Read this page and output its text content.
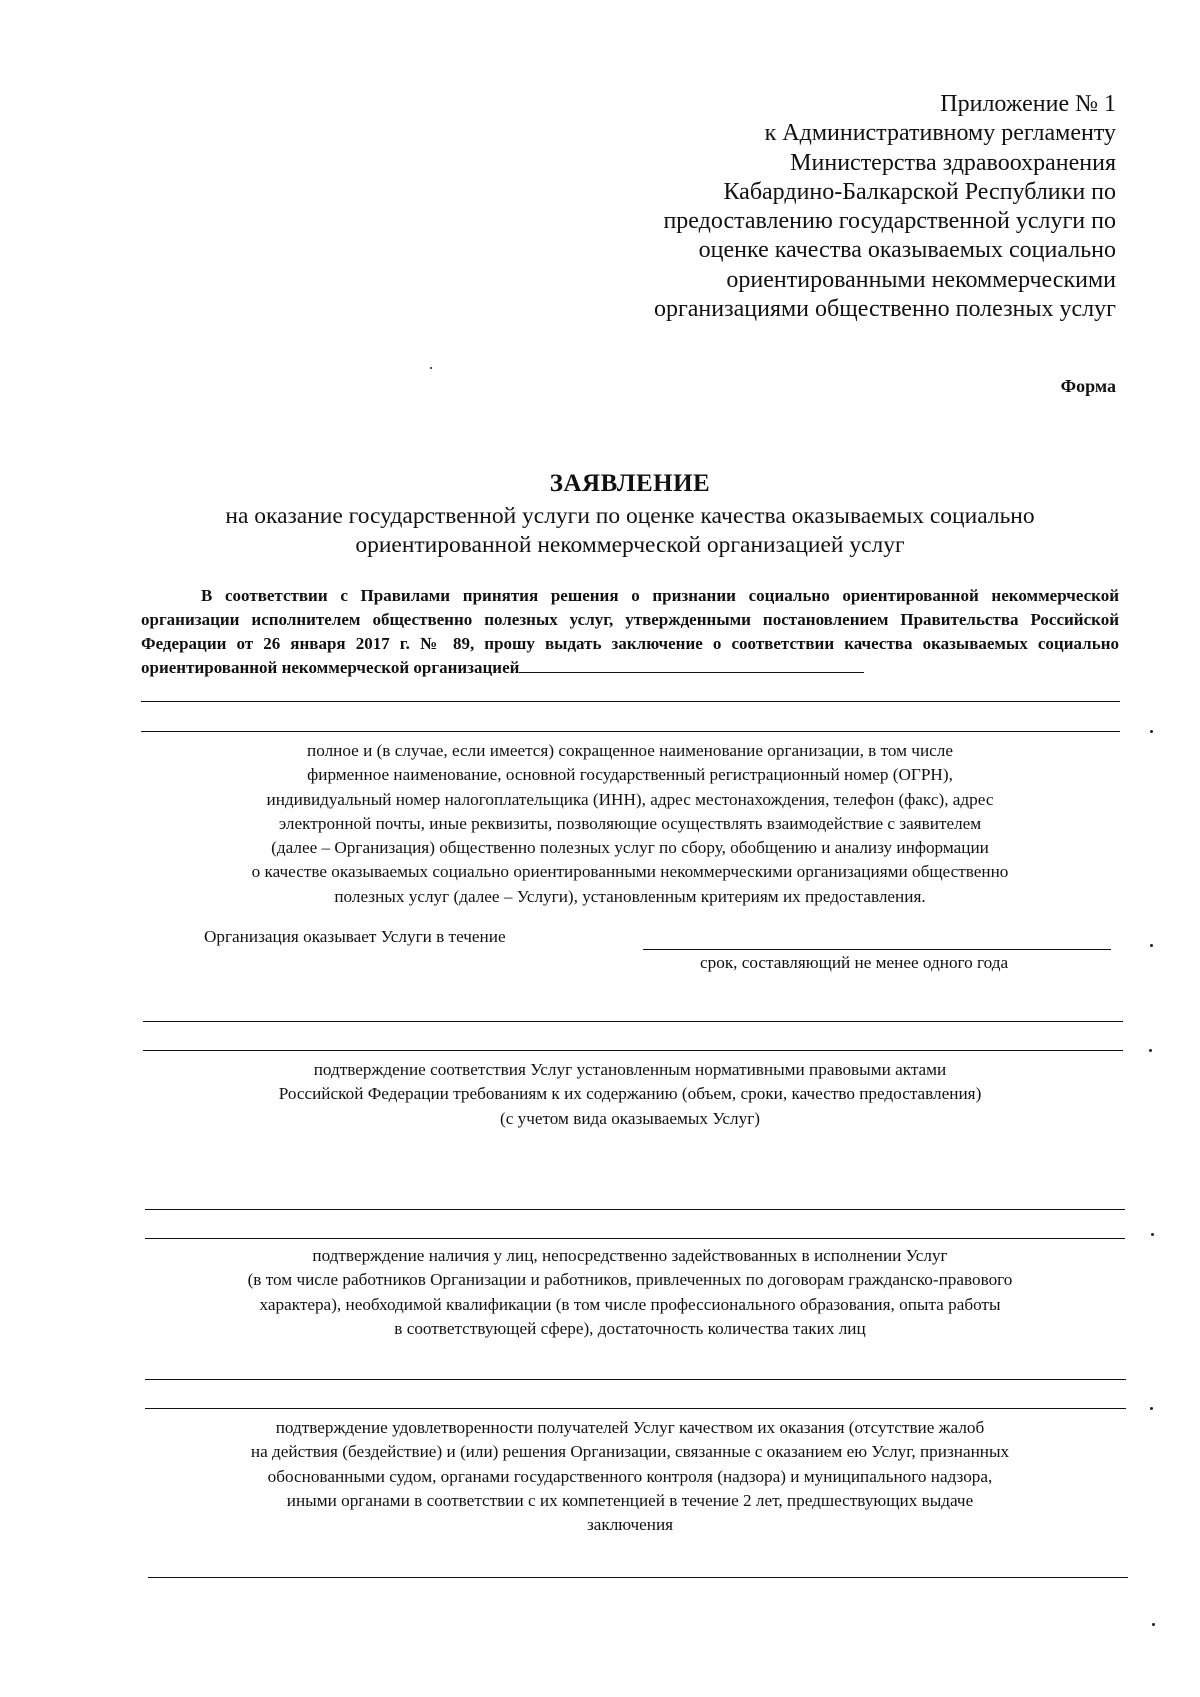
Приложение № 1
к Административному регламенту
Министерства здравоохранения
Кабардино-Балкарской Республики по
предоставлению государственной услуги по
оценке качества оказываемых социально
ориентированными некоммерческими
организациями общественно полезных услуг
Форма
ЗАЯВЛЕНИЕ
на оказание государственной услуги по оценке качества оказываемых социально
ориентированной некоммерческой организацией услуг

В соответствии с Правилами принятия решения о признании социально ориентированной некоммерческой организации исполнителем общественно полезных услуг, утвержденными постановлением Правительства Российской Федерации от 26 января 2017 г. № 89, прошу выдать заключение о соответствии качества оказываемых социально ориентированной некоммерческой организацией

полное и (в случае, если имеется) сокращенное наименование организации, в том числе
фирменное наименование, основной государственный регистрационный номер (ОГРН),
индивидуальный номер налогоплательщика (ИНН), адрес местонахождения, телефон (факс), адрес
электронной почты, иные реквизиты, позволяющие осуществлять взаимодействие с заявителем
(далее – Организация) общественно полезных услуг по сбору, обобщению и анализу информации
о качестве оказываемых социально ориентированными некоммерческими организациями общественно
полезных услуг (далее – Услуги), установленным критериям их предоставления.
Организация оказывает Услуги в течение
срок, составляющий не менее одного года
подтверждение соответствия Услуг установленным нормативными правовыми актами
Российской Федерации требованиям к их содержанию (объем, сроки, качество предоставления)
(с учетом вида оказываемых Услуг)
подтверждение наличия у лиц, непосредственно задействованных в исполнении Услуг
(в том числе работников Организации и работников, привлеченных по договорам гражданско-правового
характера), необходимой квалификации (в том числе профессионального образования, опыта работы
в соответствующей сфере), достаточность количества таких лиц
подтверждение удовлетворенности получателей Услуг качеством их оказания (отсутствие жалоб
на действия (бездействие) и (или) решения Организации, связанные с оказанием ею Услуг, признанных
обоснованными судом, органами государственного контроля (надзора) и муниципального надзора,
иными органами в соответствии с их компетенцией в течение 2 лет, предшествующих выдаче
заключения
